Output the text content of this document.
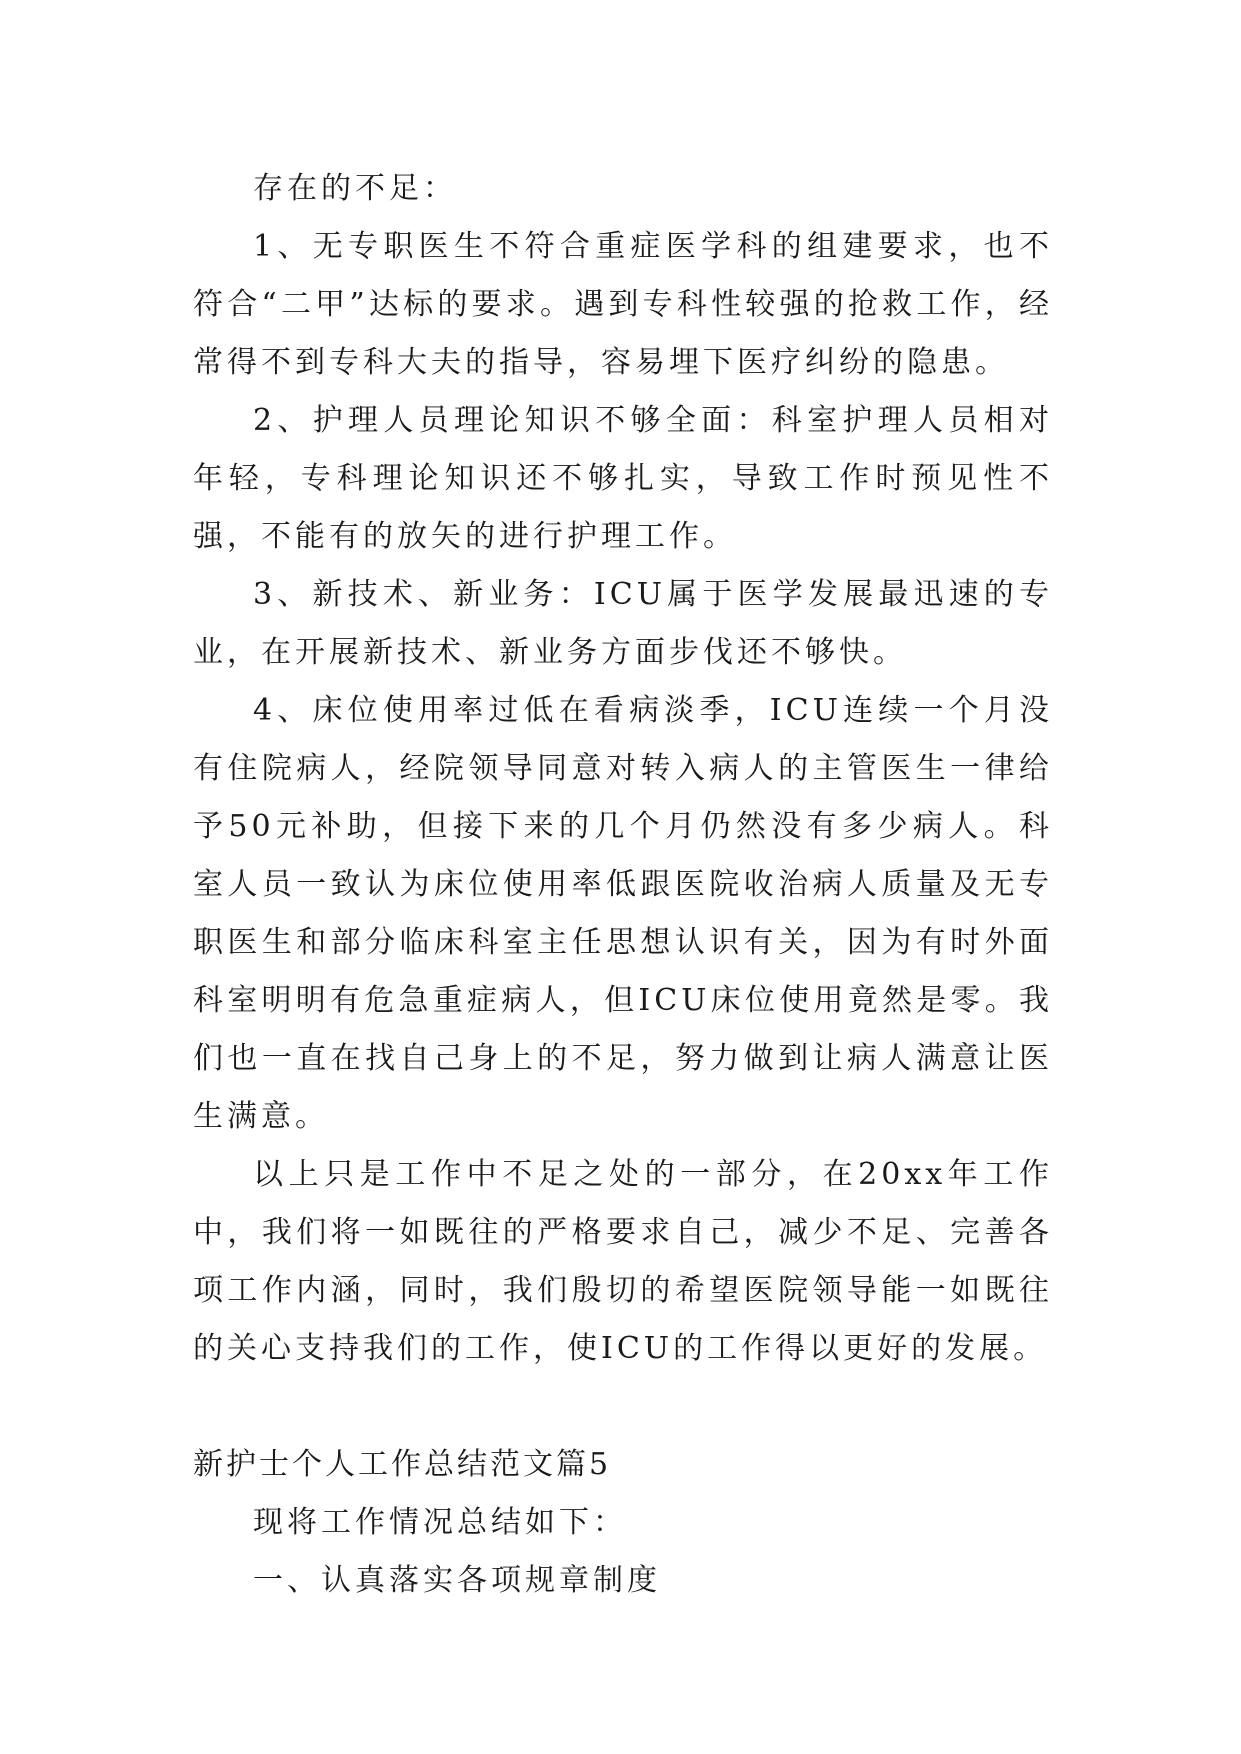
存在的不足：

1、无专职医生不符合重症医学科的组建要求，也不符合“二甲”达标的要求。遇到专科性较强的抢救工作，经常得不到专科大夫的指导，容易埋下医疗纠纷的隐患。

2、护理人员理论知识不够全面：科室护理人员相对年轻，专科理论知识还不够扎实，导致工作时预见性不强，不能有的放矢的进行护理工作。

3、新技术、新业务：ICU属于医学发展最迅速的专业，在开展新技术、新业务方面步伐还不够快。

4、床位使用率过低在看病淡季，ICU连续一个月没有住院病人，经院领导同意对转入病人的主管医生一律给予50元补助，但接下来的几个月仍然没有多少病人。科室人员一致认为床位使用率低跟医院收治病人质量及无专职医生和部分临床科室主任思想认识有关，因为有时外面科室明明有危急重症病人，但ICU床位使用竟然是零。我们也一直在找自己身上的不足，努力做到让病人满意让医生满意。

以上只是工作中不足之处的一部分，在20xx年工作中，我们将一如既往的严格要求自己，减少不足、完善各项工作内涵，同时，我们殷切的希望医院领导能一如既往的关心支持我们的工作，使ICU的工作得以更好的发展。

新护士个人工作总结范文篇5

现将工作情况总结如下：

一、认真落实各项规章制度
